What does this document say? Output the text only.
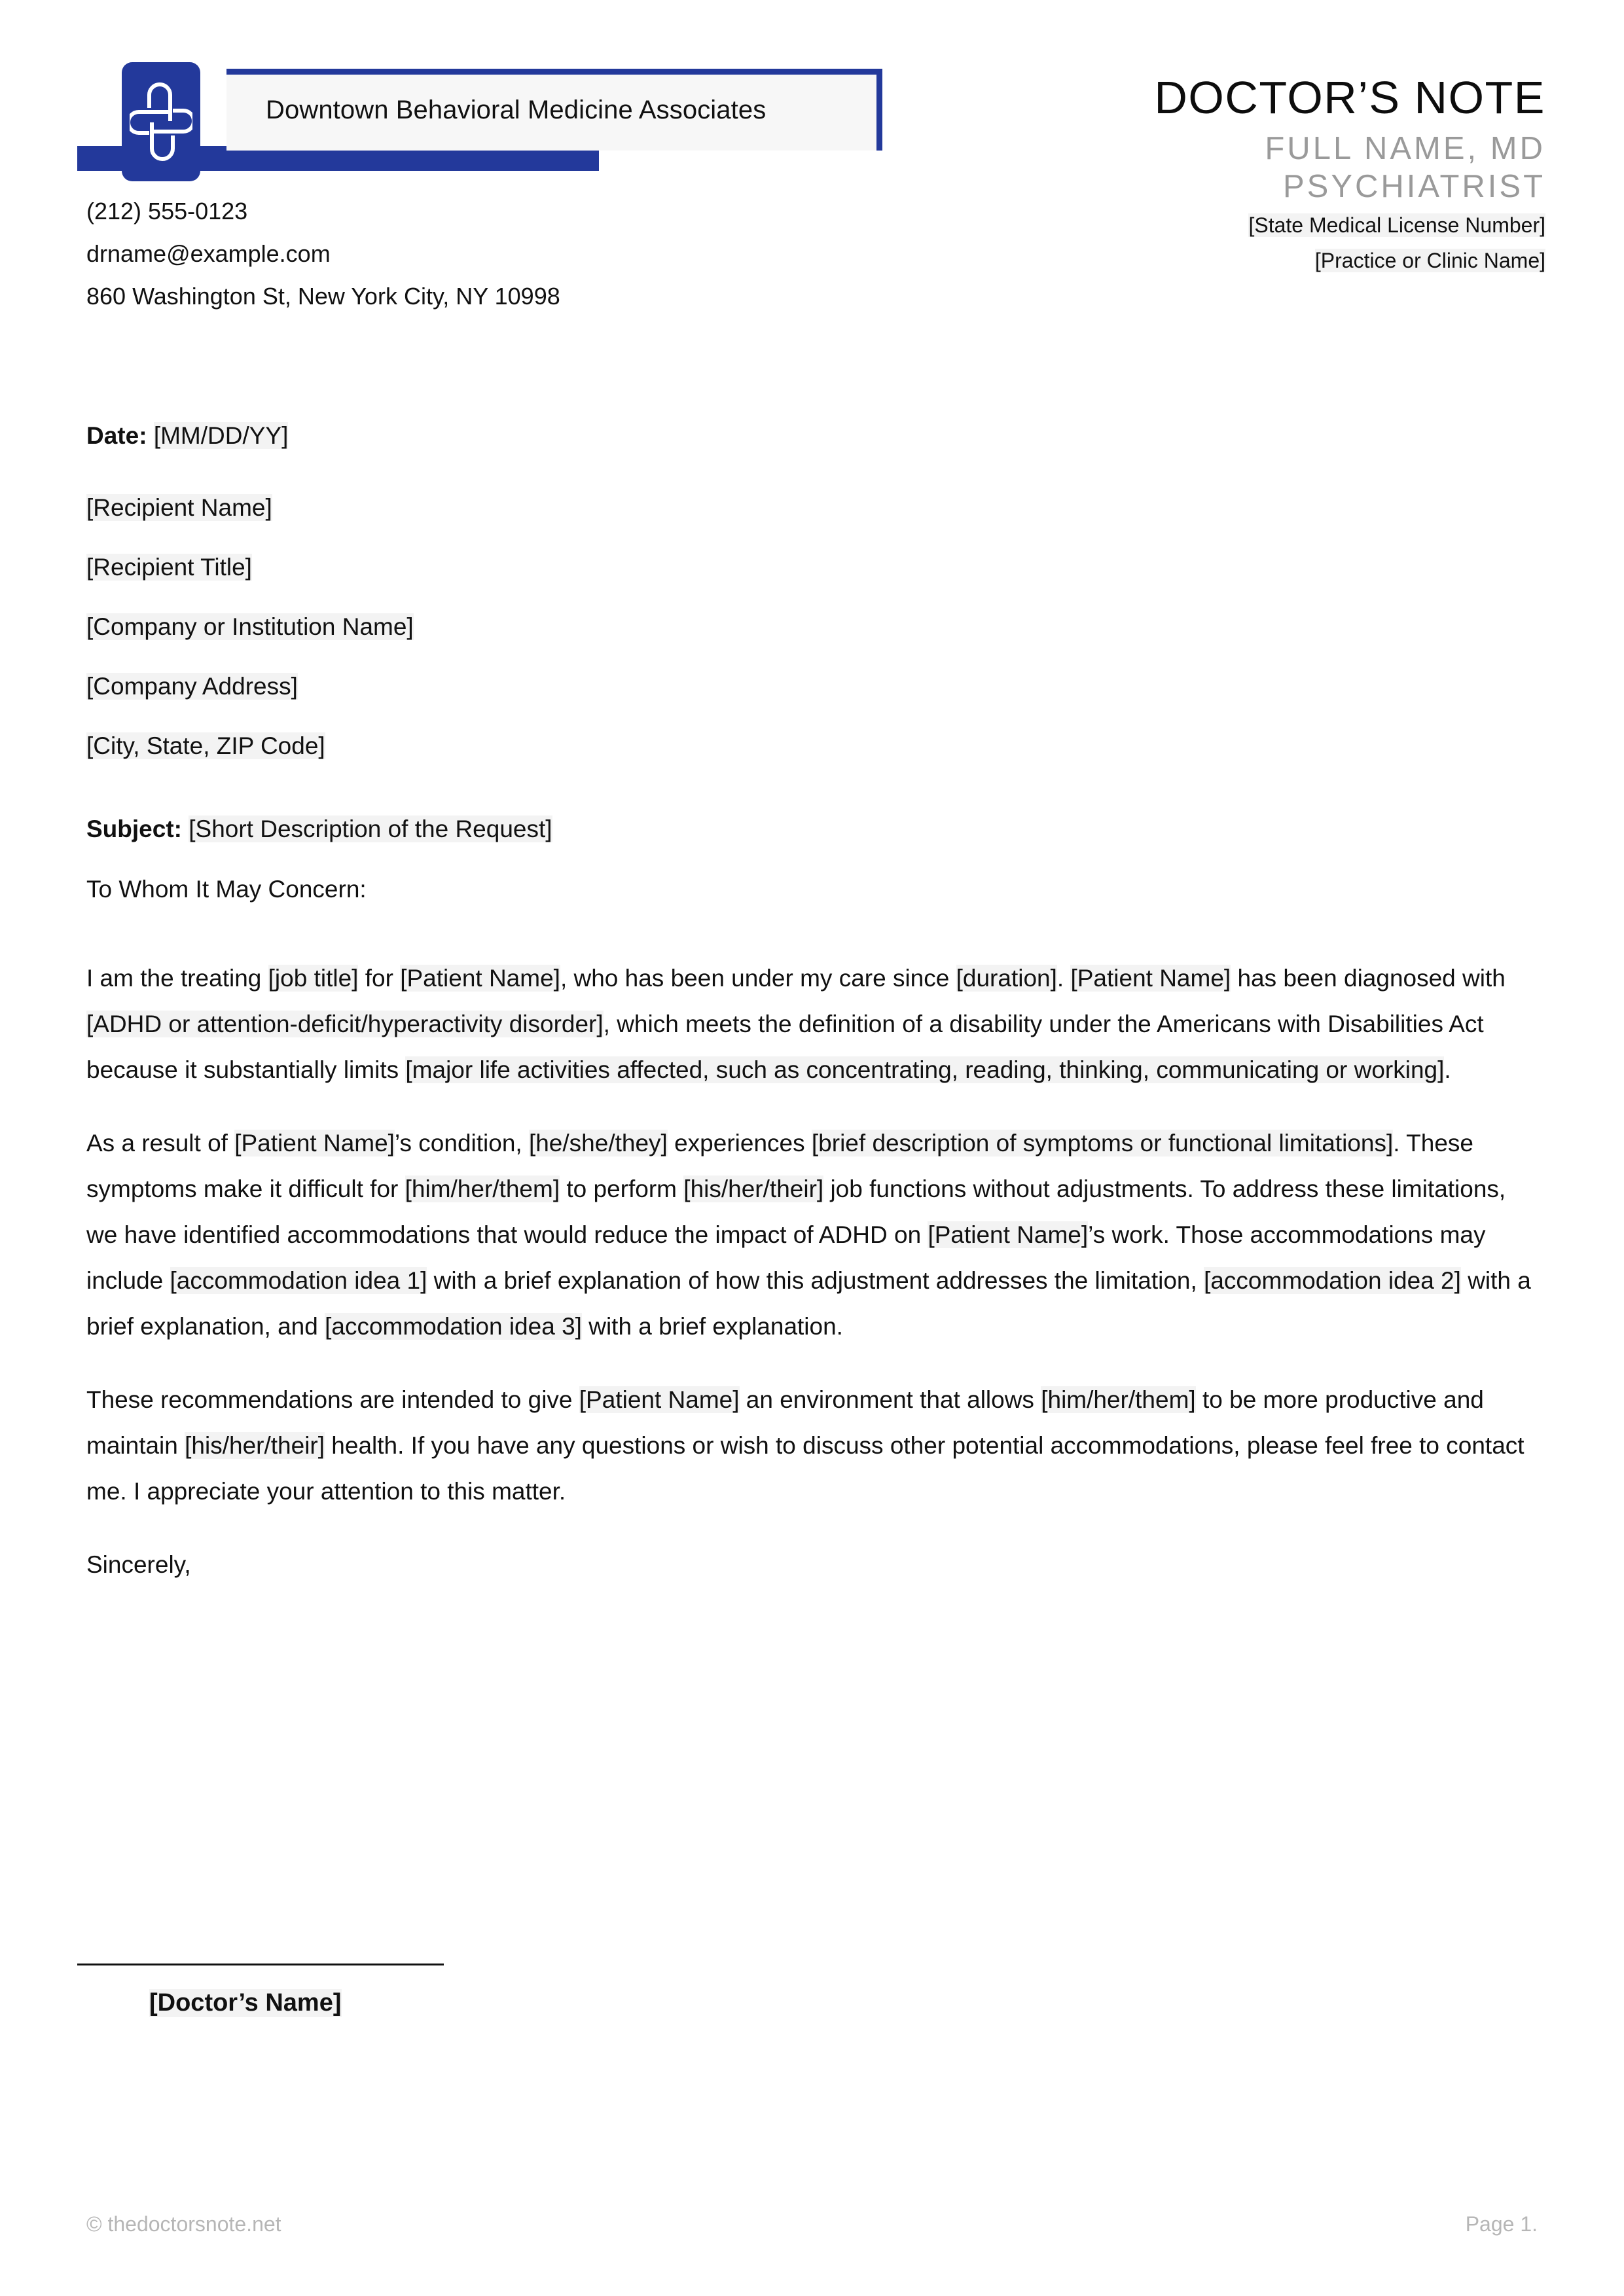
Downtown Behavioral Medicine Associates
(212) 555-0123
drname@example.com
860 Washington St, New York City, NY 10998
DOCTOR’S NOTE
FULL NAME, MD
PSYCHIATRIST
[State Medical License Number]
[Practice or Clinic Name]
Date: [MM/DD/YY]
[Recipient Name]
[Recipient Title]
[Company or Institution Name]
[Company Address]
[City, State, ZIP Code]
Subject: [Short Description of the Request]
To Whom It May Concern:

I am the treating [job title] for [Patient Name], who has been under my care since [duration]. [Patient Name] has been diagnosed with [ADHD or attention-deficit/hyperactivity disorder], which meets the definition of a disability under the Americans with Disabilities Act because it substantially limits [major life activities affected, such as concentrating, reading, thinking, communicating or working].

As a result of [Patient Name]’s condition, [he/she/they] experiences [brief description of symptoms or functional limitations]. These symptoms make it difficult for [him/her/them] to perform [his/her/their] job functions without adjustments. To address these limitations, we have identified accommodations that would reduce the impact of ADHD on [Patient Name]’s work. Those accommodations may include [accommodation idea 1] with a brief explanation of how this adjustment addresses the limitation, [accommodation idea 2] with a brief explanation, and [accommodation idea 3] with a brief explanation.

These recommendations are intended to give [Patient Name] an environment that allows [him/her/them] to be more productive and maintain [his/her/their] health. If you have any questions or wish to discuss other potential accommodations, please feel free to contact me. I appreciate your attention to this matter.

Sincerely,
[Doctor’s Name]
© thedoctorsnote.net	Page 1.
